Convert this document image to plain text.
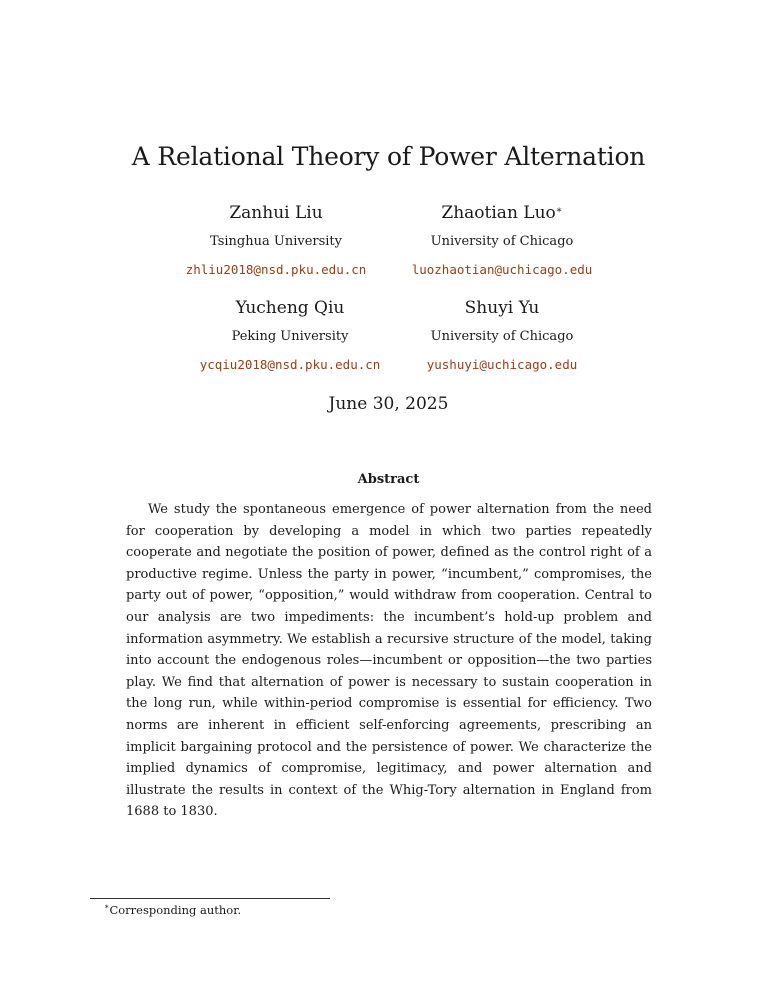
A Relational Theory of Power Alternation
Zanhui Liu
Tsinghua University
zhliu2018@nsd.pku.edu.cn
Zhaotian Luo∗
University of Chicago
luozhaotian@uchicago.edu
Yucheng Qiu
Peking University
ycqiu2018@nsd.pku.edu.cn
Shuyi Yu
University of Chicago
yushuyi@uchicago.edu
June 30, 2025
Abstract

We study the spontaneous emergence of power alternation from the need for cooperation by developing a model in which two parties repeatedly cooperate and negotiate the position of power, defined as the control right of a productive regime. Unless the party in power, “incumbent,” compromises, the party out of power, “opposition,” would withdraw from cooperation. Central to our analysis are two impediments: the incumbent’s hold-up problem and information asymmetry. We establish a recursive structure of the model, taking into account the endogenous roles—incumbent or opposition—the two parties play. We find that alternation of power is necessary to sustain cooperation in the long run, while within-period compromise is essential for efficiency. Two norms are inherent in efficient self-enforcing agreements, prescribing an implicit bargaining protocol and the persistence of power. We characterize the implied dynamics of compromise, legitimacy, and power alternation and illustrate the results in context of the Whig-Tory alternation in England from 1688 to 1830.

∗Corresponding author.
